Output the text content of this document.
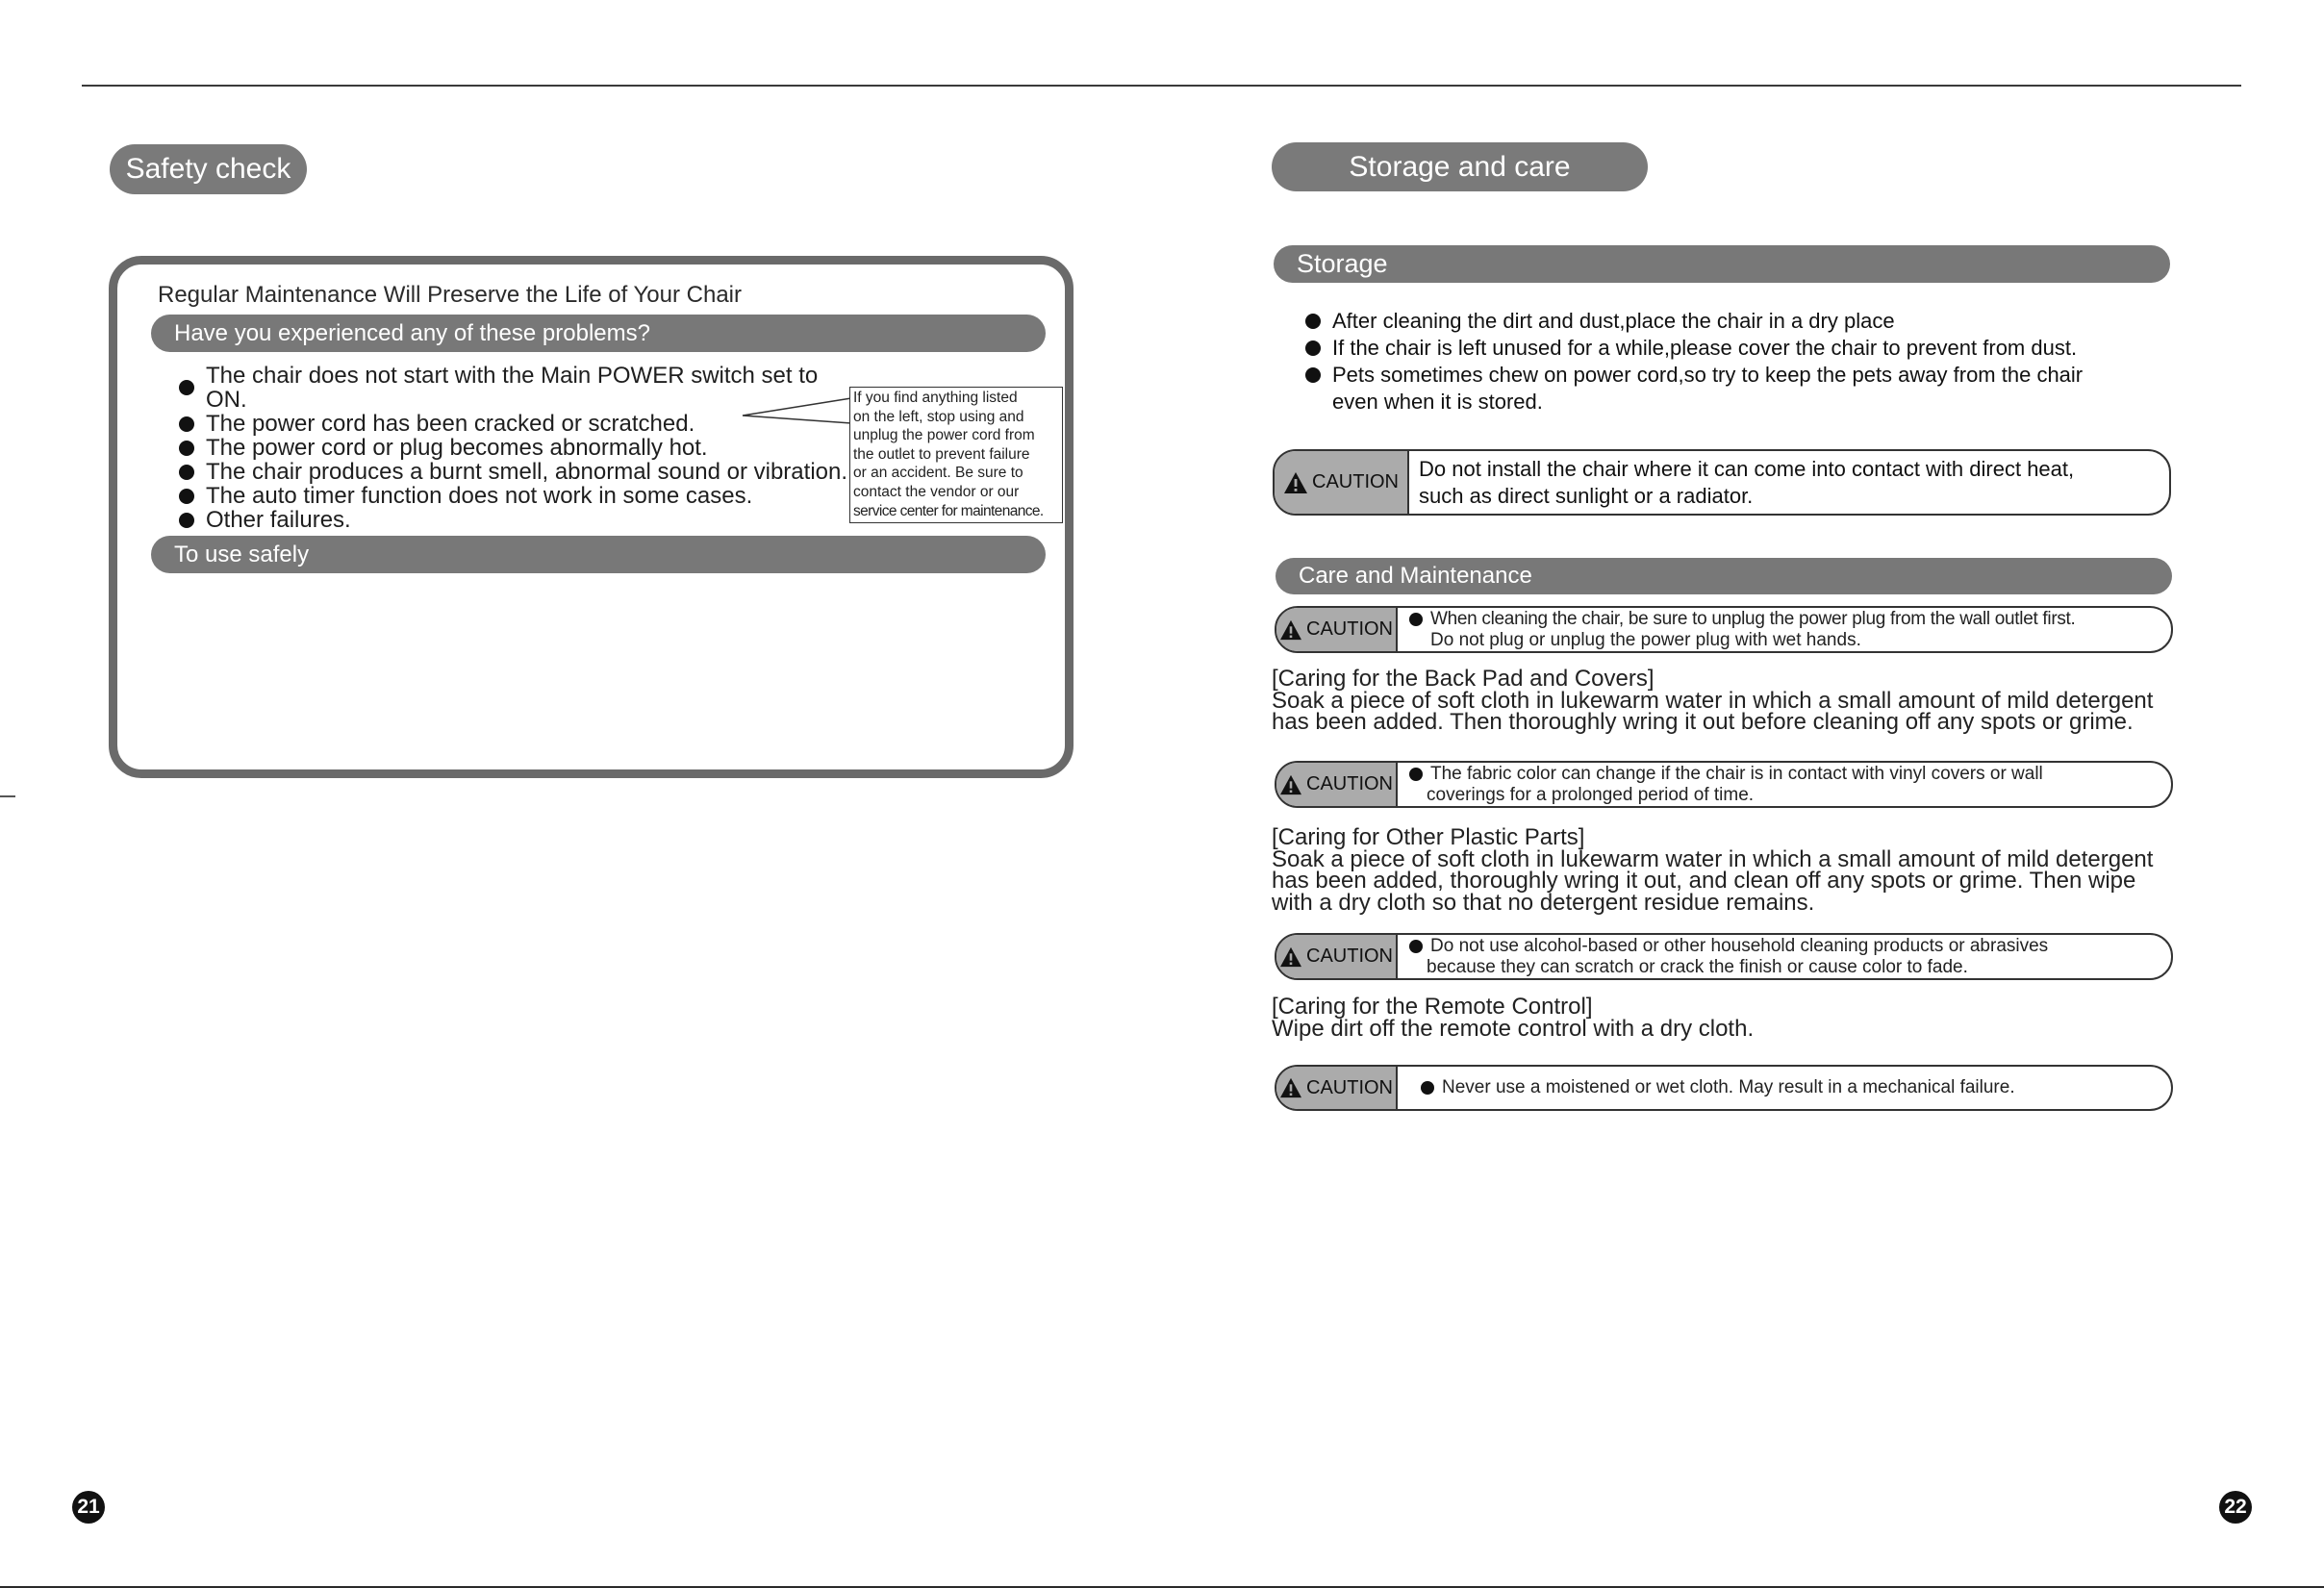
Safety check
Regular Maintenance Will Preserve the Life of Your Chair
Have you experienced any of these problems?
The chair does not start with the Main POWER switch set to ON.
The power cord has been cracked or scratched.
The power cord or plug becomes abnormally hot.
The chair produces a burnt smell, abnormal sound or vibration.
The auto timer function does not work in some cases.
Other failures.
If you find anything listed
on the left, stop using and
unplug the power cord from
the outlet to prevent failure
or an accident. Be sure to
contact the vendor or our
service center for maintenance.
To use safely
21
Storage and care
Storage
After cleaning the dirt and dust,place the chair in a dry place
If the chair is left unused for a while,please cover the chair to prevent from dust.
Pets sometimes chew on power cord,so try to keep the pets away from the chair
even when it is stored.
CAUTION
Do not install the chair where it can come into contact with direct heat,
such as direct sunlight or a radiator.
Care and Maintenance
CAUTION	When cleaning the chair, be sure to unplug the power plug from the wall outlet first.
Do not plug or unplug the power plug with wet hands.
[Caring for the Back Pad and Covers]
Soak a piece of soft cloth in lukewarm water in which a small amount of mild detergent
has been added. Then thoroughly wring it out before cleaning off any spots or grime.
CAUTION	The fabric color can change if the chair is in contact with vinyl covers or wall
coverings for a prolonged period of time.
[Caring for Other Plastic Parts]
Soak a piece of soft cloth in lukewarm water in which a small amount of mild detergent
has been added, thoroughly wring it out, and clean off any spots or grime. Then wipe
with a dry cloth so that no detergent residue remains.
CAUTION	Do not use alcohol-based or other household cleaning products or abrasives
because they can scratch or crack the finish or cause color to fade.
[Caring for the Remote Control]
Wipe dirt off the remote control with a dry cloth.
CAUTION	Never use a moistened or wet cloth. May result in a mechanical failure.
22
